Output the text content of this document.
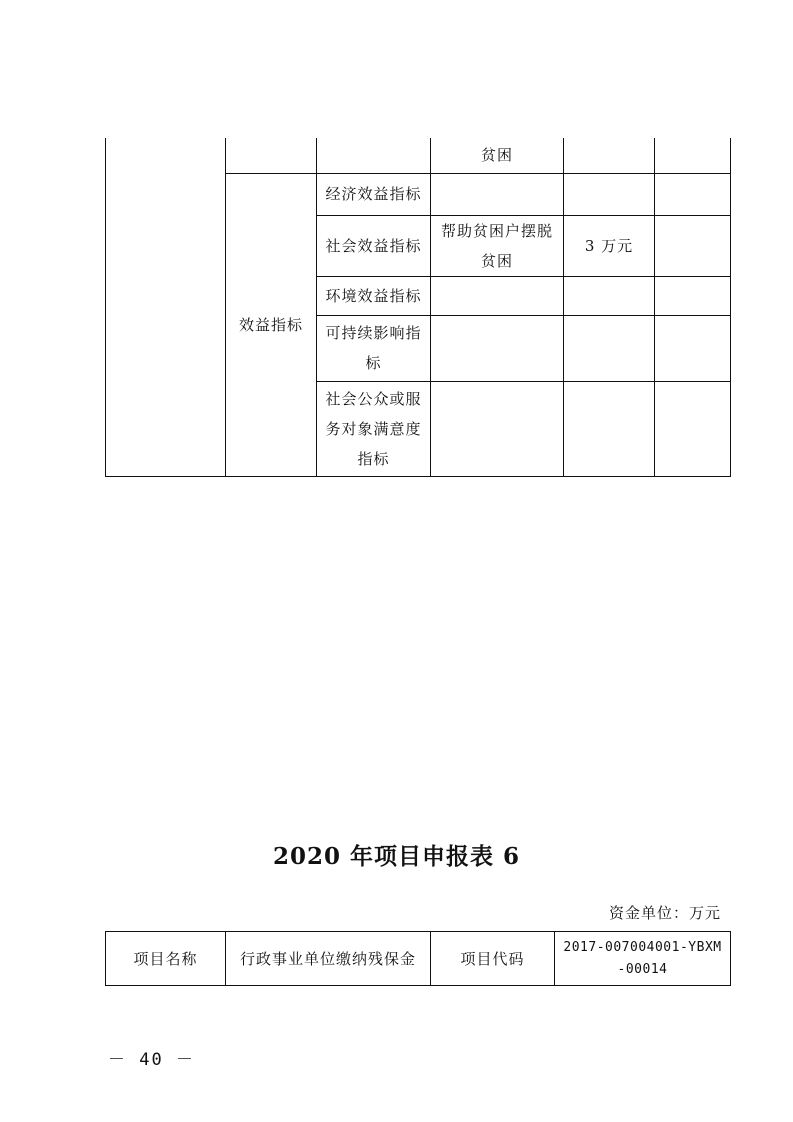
			贫困		
	效益指标	经济效益指标			
		社会效益指标	帮助贫困户摆脱贫困	3 万元	
		环境效益指标			
		可持续影响指标			
		社会公众或服务对象满意度指标			
2020 年项目申报表 6
资金单位：万元
项目名称	行政事业单位缴纳残保金	项目代码	2017-007004001-YBXM-00014
－ 40 －
